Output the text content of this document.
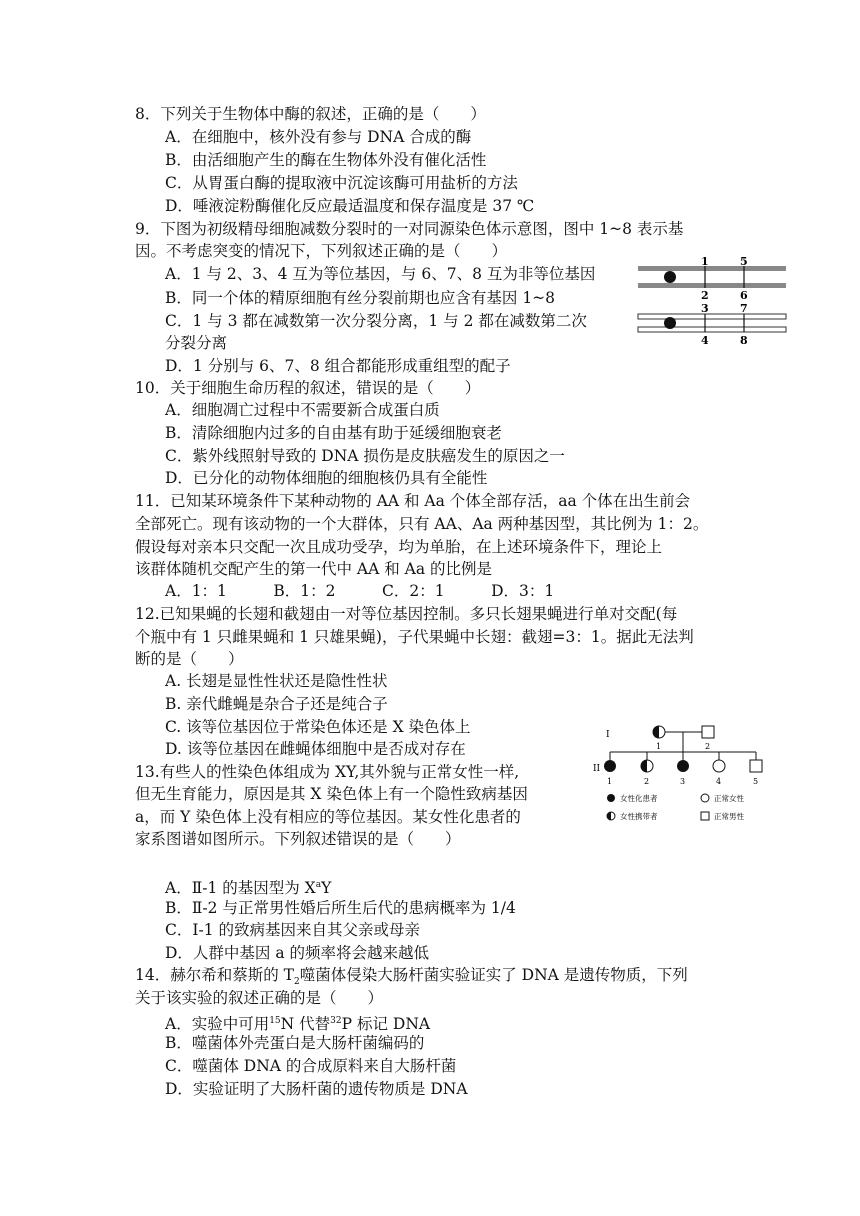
8．下列关于生物体中酶的叙述，正确的是（　　）
A．在细胞中，核外没有参与 DNA 合成的酶
B．由活细胞产生的酶在生物体外没有催化活性
C．从胃蛋白酶的提取液中沉淀该酶可用盐析的方法
D．唾液淀粉酶催化反应最适温度和保存温度是 37 ℃
9．下图为初级精母细胞减数分裂时的一对同源染色体示意图，图中 1~8 表示基
因。不考虑突变的情况下，下列叙述正确的是（　　）
A．1 与 2、3、4 互为等位基因，与 6、7、8 互为非等位基因
B．同一个体的精原细胞有丝分裂前期也应含有基因 1~8
C．1 与 3 都在减数第一次分裂分离，1 与 2 都在减数第二次
分裂分离
D．1 分别与 6、7、8 组合都能形成重组型的配子
1	5
2	6
3	7
4	8
10．关于细胞生命历程的叙述，错误的是（　　）
A．细胞凋亡过程中不需要新合成蛋白质
B．清除细胞内过多的自由基有助于延缓细胞衰老
C．紫外线照射导致的 DNA 损伤是皮肤癌发生的原因之一
D．已分化的动物体细胞的细胞核仍具有全能性
11．已知某环境条件下某种动物的 AA 和 Aa 个体全部存活，aa 个体在出生前会
全部死亡。现有该动物的一个大群体，只有 AA、Aa 两种基因型，其比例为 1：2。
假设每对亲本只交配一次且成功受孕，均为单胎，在上述环境条件下，理论上
该群体随机交配产生的第一代中 AA 和 Aa 的比例是
A．1：1　　　B．1：2　　　C．2：1　　　D．3：1
12.已知果蝇的长翅和截翅由一对等位基因控制。多只长翅果蝇进行单对交配(每
个瓶中有 1 只雌果蝇和 1 只雄果蝇)，子代果蝇中长翅：截翅=3：1。据此无法判
断的是（　　）
A. 长翅是显性性状还是隐性性状
B. 亲代雌蝇是杂合子还是纯合子
C. 该等位基因位于常染色体还是 X 染色体上
D. 该等位基因在雌蝇体细胞中是否成对存在
13.有些人的性染色体组成为 XY,其外貌与正常女性一样,
但无生育能力，原因是其 X 染色体上有一个隐性致病基因
a，而 Y 染色体上没有相应的等位基因。某女性化患者的
家系图谱如图所示。下列叙述错误的是（　　）
A．Ⅱ-1 的基因型为 $X^aY$
B．Ⅱ-2 与正常男性婚后所生后代的患病概率为 1/4
C．I-1 的致病基因来自其父亲或母亲
D．人群中基因 a 的频率将会越来越低
I
II
1	2
1	2	3	4	5
女性化患者	正常女性
女性携带者	正常男性
14．赫尔希和蔡斯的 $T_2$噬菌体侵染大肠杆菌实验证实了 DNA 是遗传物质，下列
关于该实验的叙述正确的是（　　）
A．实验中可用$^{15}$N 代替$^{32}$P 标记 DNA
B．噬菌体外壳蛋白是大肠杆菌编码的
C．噬菌体 DNA 的合成原料来自大肠杆菌
D．实验证明了大肠杆菌的遗传物质是 DNA
